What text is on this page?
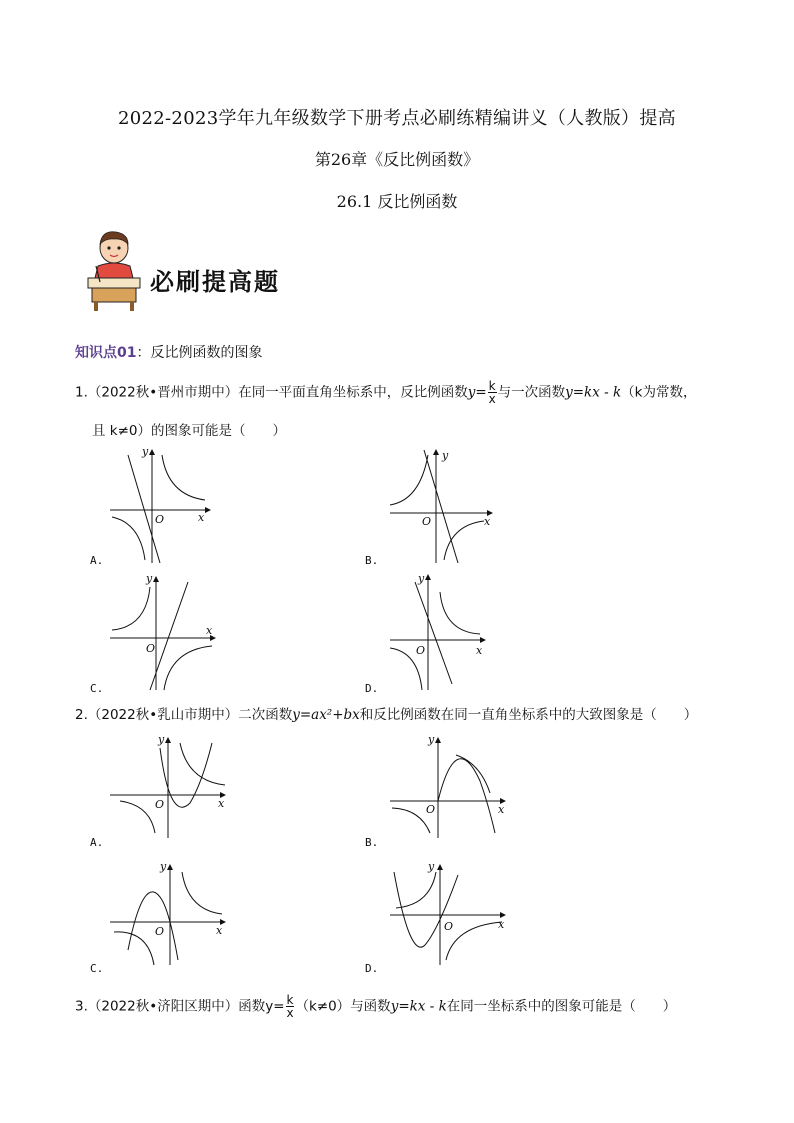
2022-2023学年九年级数学下册考点必刷练精编讲义（人教版）提高
第26章《反比例函数》
26.1 反比例函数
必刷提高题
知识点01：反比例函数的图象
1.（2022秋•晋州市期中）在同一平面直角坐标系中，反比例函数$y= \frac{k}{x}$ 与一次函数y=kx - k（k为常数，
且 k≠0）的图象可能是（　　）
y
x
O
A.
y
x
O
B.
y
x
O
C.
y
x
O
D.
2.（2022秋•乳山市期中）二次函数y=ax²+bx和反比例函数在同一直角坐标系中的大致图象是（　　）
y
x
O
A.
y
x
O
B.
y
x
O
C.
y
x
O
D.
3.（2022秋•济阳区期中）函数$y= \frac{k}{x} (k\ne 0)$与函数y=kx - k在同一坐标系中的图象可能是（　　）
